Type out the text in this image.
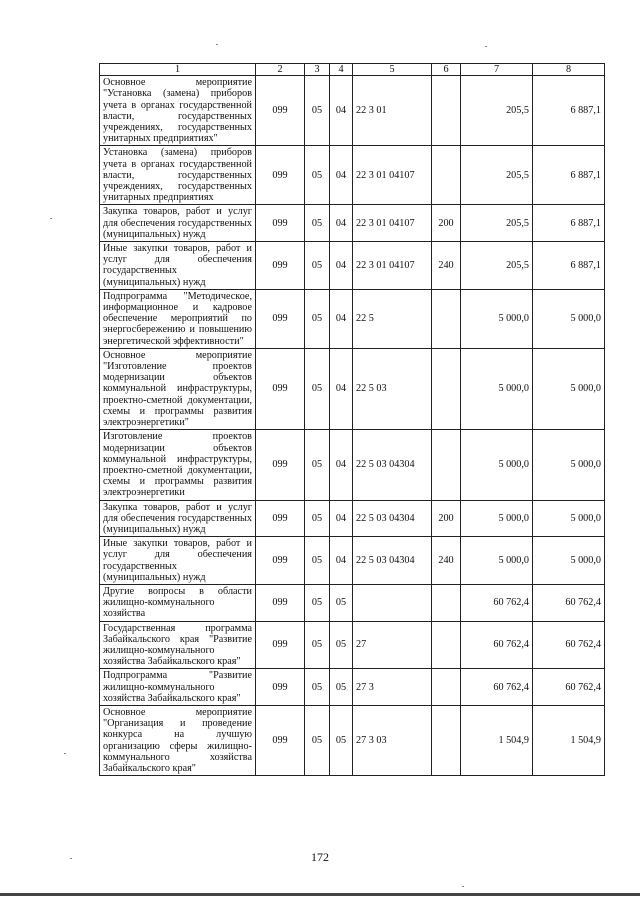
1	2	3	4	5	6	7	8
Основное мероприятие "Установка (замена) приборов учета в органах государственной власти, государственных учреждениях, государственных унитарных предприятиях"	099	05	04	22 3 01		205,5	6 887,1
Установка (замена) приборов учета в органах государственной власти, государственных учреждениях, государственных унитарных предприятиях	099	05	04	22 3 01 04107		205,5	6 887,1
Закупка товаров, работ и услуг для обеспечения государственных (муниципальных) нужд	099	05	04	22 3 01 04107	200	205,5	6 887,1
Иные закупки товаров, работ и услуг для обеспечения государственных (муниципальных) нужд	099	05	04	22 3 01 04107	240	205,5	6 887,1
Подпрограмма "Методическое, информационное и кадровое обеспечение мероприятий по энергосбережению и повышению энергетической эффективности"	099	05	04	22 5		5 000,0	5 000,0
Основное мероприятие "Изготовление проектов модернизации объектов коммунальной инфраструктуры, проектно-сметной документации, схемы и программы развития электроэнергетики"	099	05	04	22 5 03		5 000,0	5 000,0
Изготовление проектов модернизации объектов коммунальной инфраструктуры, проектно-сметной документации, схемы и программы развития электроэнергетики	099	05	04	22 5 03 04304		5 000,0	5 000,0
Закупка товаров, работ и услуг для обеспечения государственных (муниципальных) нужд	099	05	04	22 5 03 04304	200	5 000,0	5 000,0
Иные закупки товаров, работ и услуг для обеспечения государственных (муниципальных) нужд	099	05	04	22 5 03 04304	240	5 000,0	5 000,0
Другие вопросы в области жилищно-коммунального хозяйства	099	05	05			60 762,4	60 762,4
Государственная программа Забайкальского края "Развитие жилищно-коммунального хозяйства Забайкальского края"	099	05	05	27		60 762,4	60 762,4
Подпрограмма "Развитие жилищно-коммунального хозяйства Забайкальского края"	099	05	05	27 3		60 762,4	60 762,4
Основное мероприятие "Организация и проведение конкурса на лучшую организацию сферы жилищно-коммунального хозяйства Забайкальского края"	099	05	05	27 3 03		1 504,9	1 504,9
172
